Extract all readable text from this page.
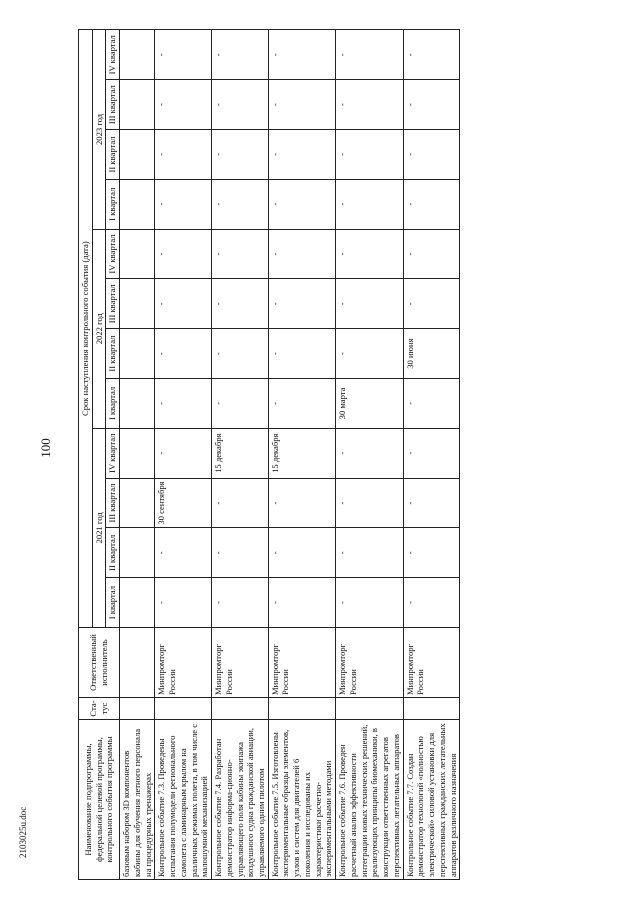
100
2103025u.doc	Наименование подпрограммы, федеральной целевой программы, контрольного события программы	Ста-тус	Ответственный исполнитель	Срок наступления контрольного события (дата)											
			2021 год				2022 год				2023 год			
			I квартал	II квартал	III квартал	IV квартал	I квартал	II квартал	III квартал	IV квартал	I квартал	II квартал	III квартал	IV квартал
базовым набором 3D компонентов кабины для обучения летного персонала на процедурных тренажерах														
Контрольное событие 7.3. Проведены испытания полумодели регионального самолета с ламинарным крылом на различных режимах полета, в том числе с малошумной механизацией		Минпромторг России	-	-	30 сентября	-	-	-	-	-	-	-	-	-
Контрольное событие 7.4. Разработан демонстратор информа-ционно- управляющего поля кабины экипажа воздушного судна гражданской авиации, управляемого одним пилотом		Минпромторг России	-	-	-	15 декабря	-	-	-	-	-	-	-	-
Контрольное событие 7.5. Изготовлены экспериментальные образцы элементов, узлов и систем для двигателей 6 поколения и исследованы их характеристики расчетно-экспериментальными методами		Минпромторг России	-	-	-	15 декабря	-	-	-	-	-	-	-	-
Контрольное событие 7.6. Проведен расчетный анализ эффективности интеграции новых технических решений, реализующих принципы биомеханики, в конструкции ответственных агрегатов перспективных летательных аппаратов		Минпромторг России	-	-	-	-	30 марта	-	-	-	-	-	-	-
Контрольное событие 7.7. Создан демонстратор технологий «полностью электрической» силовой установки для перспективных гражданских летательных аппаратов различного назначения		Минпромторг России	-	-	-	-	-	30 июня	-	-	-	-	-	-
